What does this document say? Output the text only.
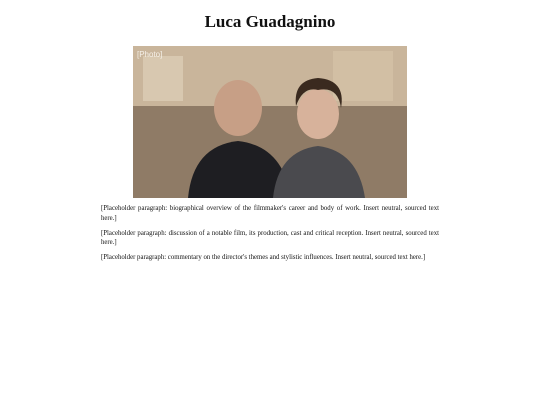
Luca Guadagnino
[Photo]

[Placeholder paragraph: biographical overview of the filmmaker's career and body of work. Insert neutral, sourced text here.]

[Placeholder paragraph: discussion of a notable film, its production, cast and critical reception. Insert neutral, sourced text here.]

[Placeholder paragraph: commentary on the director's themes and stylistic influences. Insert neutral, sourced text here.]
